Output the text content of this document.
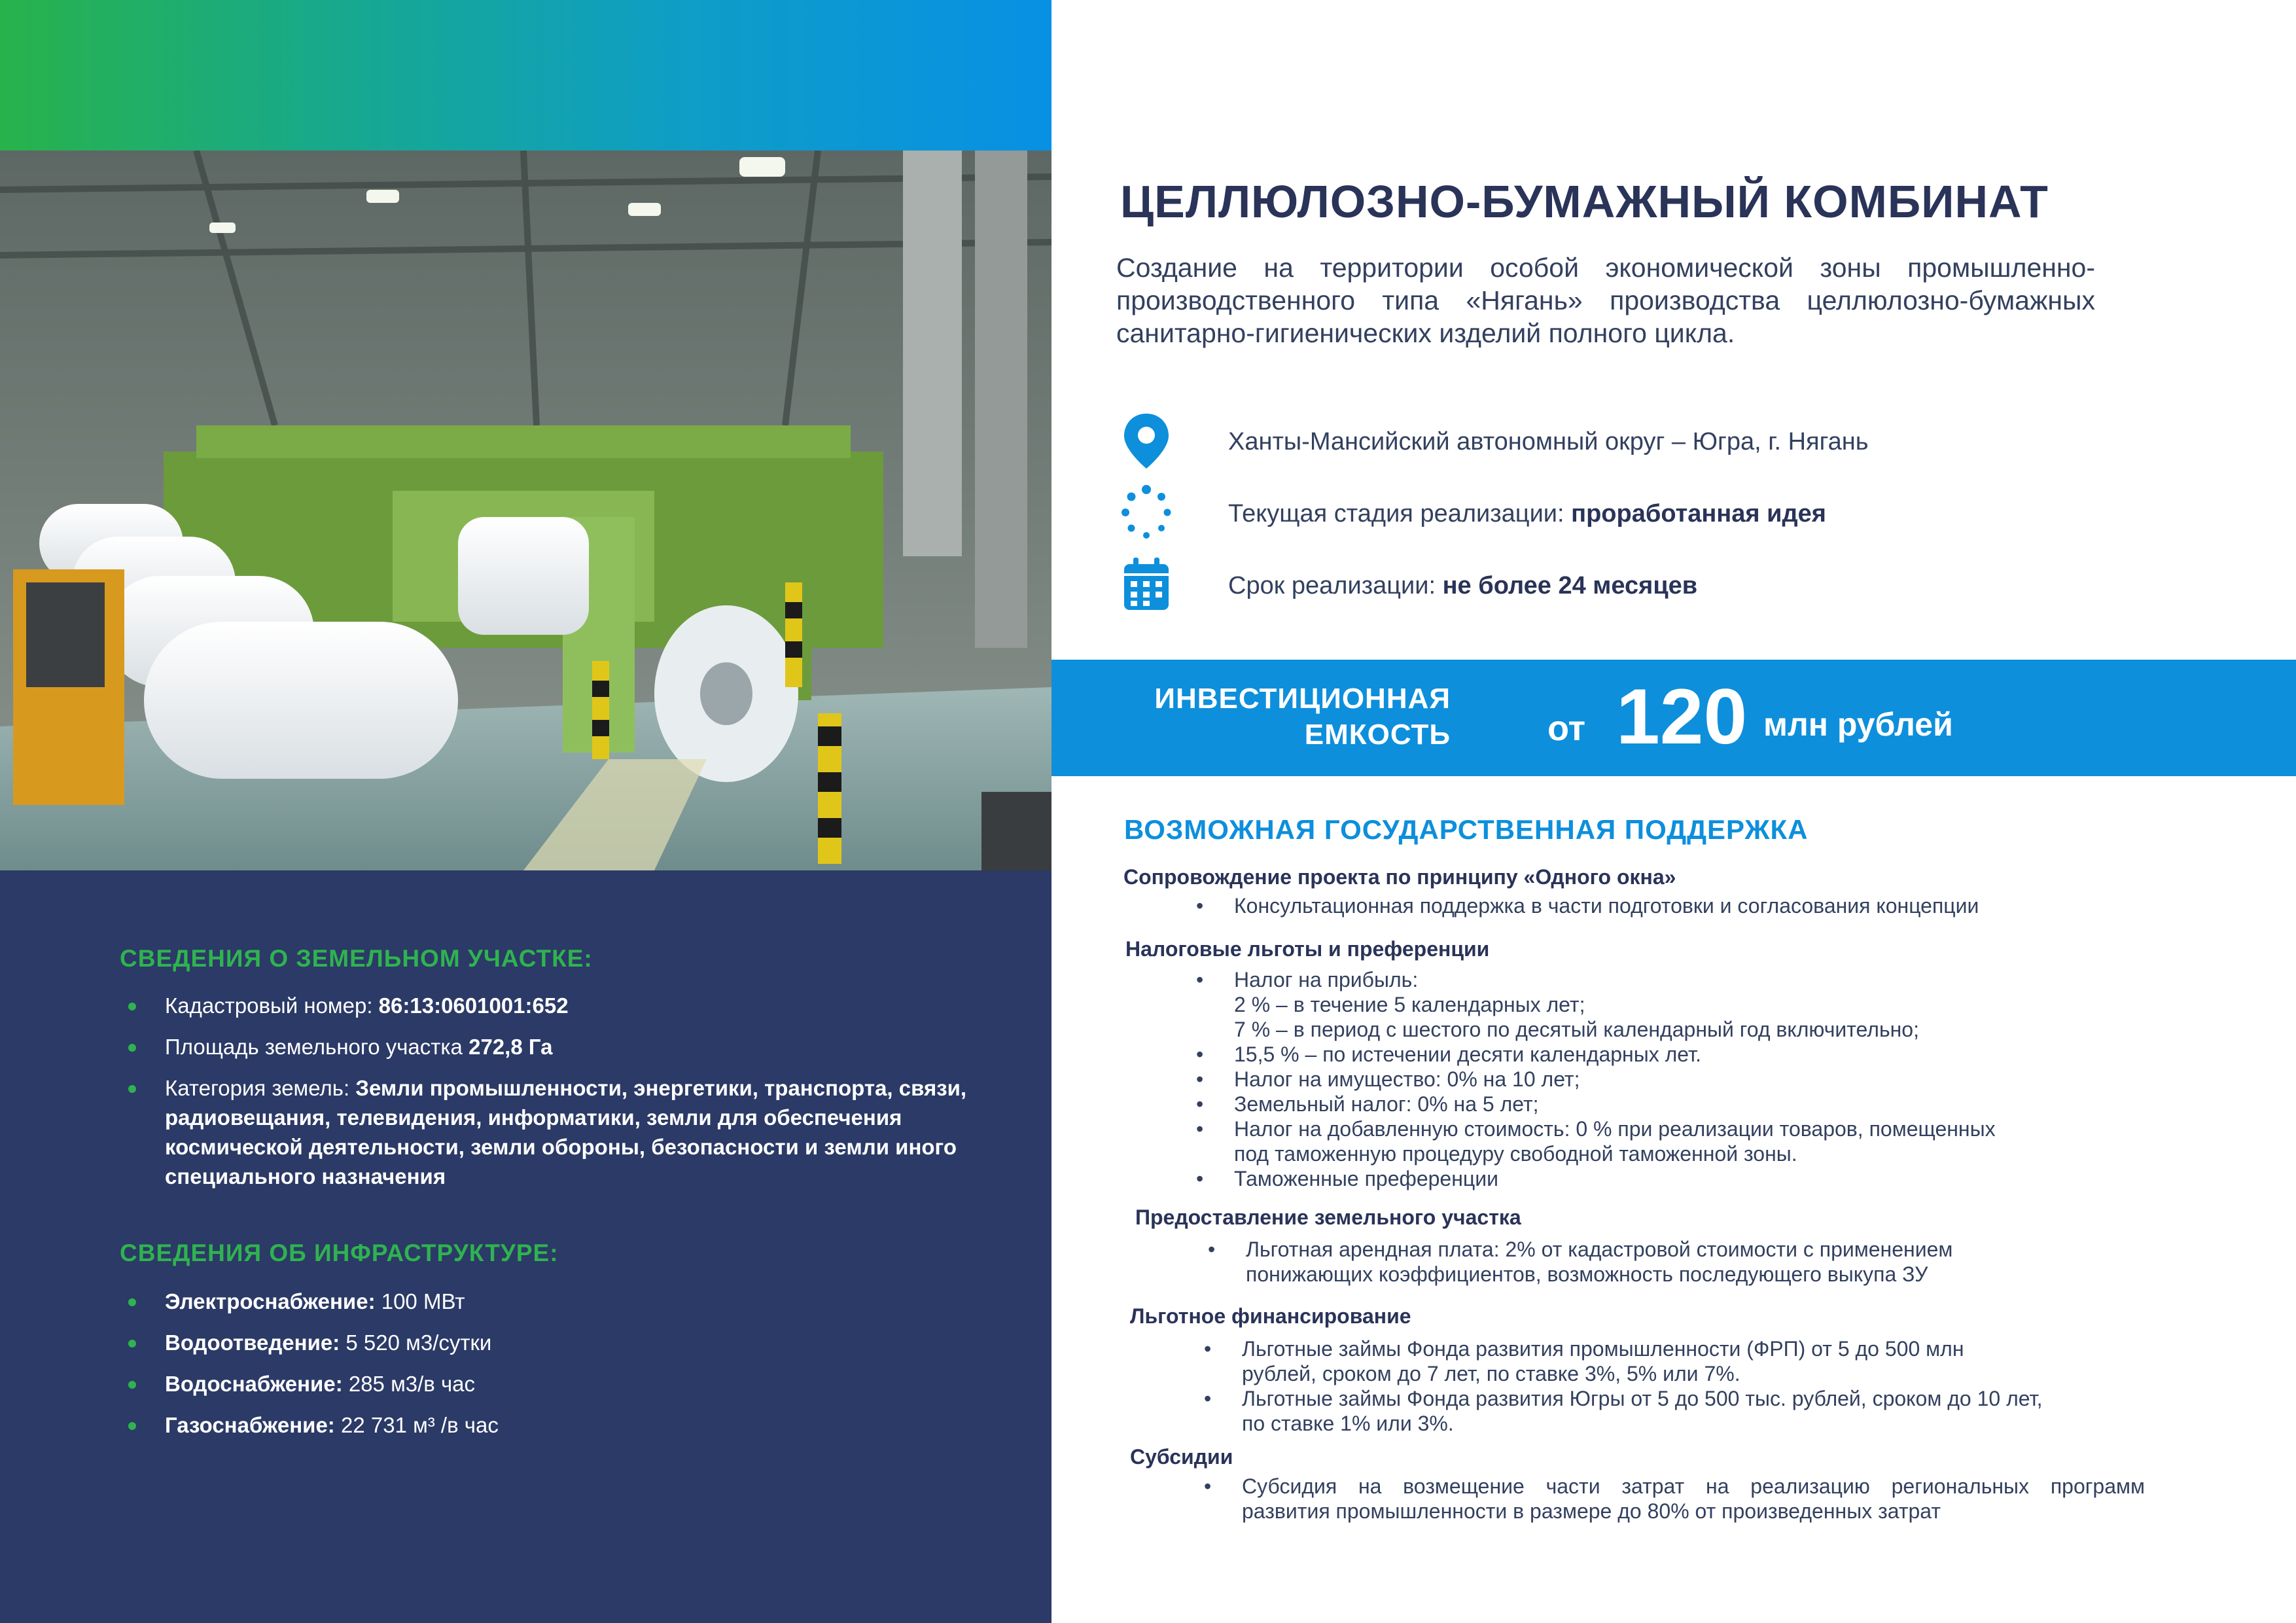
СВЕДЕНИЯ О ЗЕМЕЛЬНОМ УЧАСТКЕ:
Кадастровый номер: 86:13:0601001:652
Площадь земельного участка 272,8 Га
Категория земель: Земли промышленности, энергетики, транспорта, связи, радиовещания, телевидения, информатики, земли для обеспечения космической деятельности, земли обороны, безопасности и земли иного специального назначения
СВЕДЕНИЯ ОБ ИНФРАСТРУКТУРЕ:
Электроснабжение: 100 МВт
Водоотведение: 5 520 м3/сутки
Водоснабжение: 285 м3/в час
Газоснабжение: 22 731 м³ /в час
ЦЕЛЛЮЛОЗНО-БУМАЖНЫЙ КОМБИНАТ
Создание на территории особой экономической зоны промышленно-производственного типа «Нягань» производства целлюлозно-бумажных санитарно-гигиенических изделий полного цикла.
Ханты-Мансийский автономный округ – Югра, г. Нягань
Текущая стадия реализации: проработанная идея
Срок реализации: не более 24 месяцев
ИНВЕСТИЦИОННАЯ
ЕМКОСТЬ	от 120 млн рублей
ВОЗМОЖНАЯ ГОСУДАРСТВЕННАЯ ПОДДЕРЖКА
Сопровождение проекта по принципу «Одного окна»
• Консультационная поддержка в части подготовки и согласования концепции
Налоговые льготы и преференции
• Налог на прибыль:
2 % – в течение 5 календарных лет;
7 % – в период с шестого по десятый календарный год включительно;
• 15,5 % – по истечении десяти календарных лет.
• Налог на имущество: 0% на 10 лет;
• Земельный налог: 0% на 5 лет;
• Налог на добавленную стоимость: 0 % при реализации товаров, помещенных
под таможенную процедуру свободной таможенной зоны.
• Таможенные преференции
Предоставление земельного участка
• Льготная арендная плата: 2% от кадастровой стоимости с применением
понижающих коэффициентов, возможность последующего выкупа ЗУ
Льготное финансирование
• Льготные займы Фонда развития промышленности (ФРП) от 5 до 500 млн
рублей, сроком до 7 лет, по ставке 3%, 5% или 7%.
• Льготные займы Фонда развития Югры от 5 до 500 тыс. рублей, сроком до 10 лет,
по ставке 1% или 3%.
Субсидии
• Субсидия на возмещение части затрат на реализацию региональных программ
развития промышленности в размере до 80% от произведенных затрат
